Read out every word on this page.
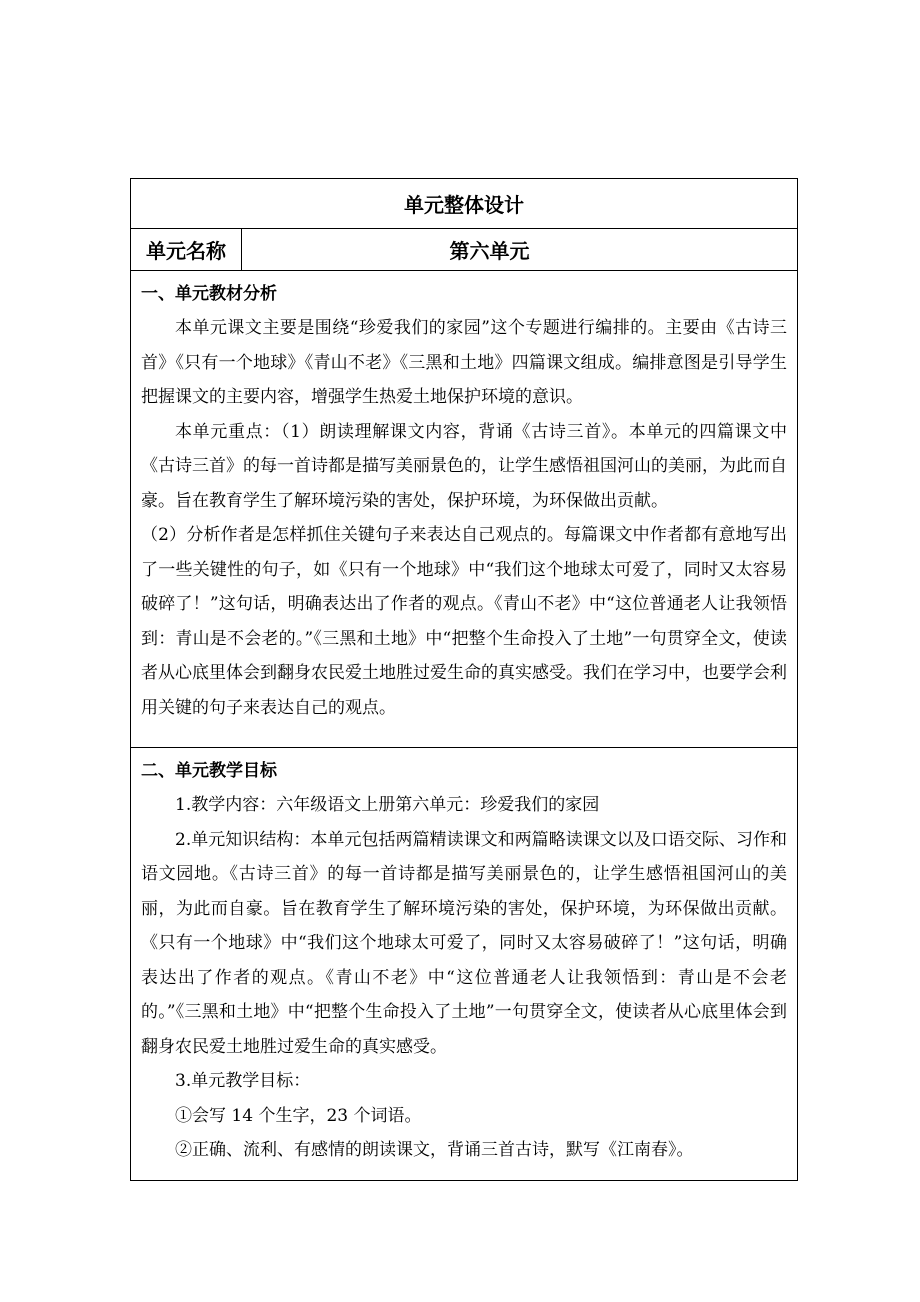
单元整体设计
单元名称	第六单元

一、单元教材分析

本单元课文主要是围绕“珍爱我们的家园”这个专题进行编排的。主要由《古诗三首》《只有一个地球》《青山不老》《三黑和土地》四篇课文组成。编排意图是引导学生把握课文的主要内容，增强学生热爱土地保护环境的意识。

本单元重点：（1）朗读理解课文内容，背诵《古诗三首》。本单元的四篇课文中《古诗三首》的每一首诗都是描写美丽景色的，让学生感悟祖国河山的美丽，为此而自豪。旨在教育学生了解环境污染的害处，保护环境，为环保做出贡献。

（2）分析作者是怎样抓住关键句子来表达自己观点的。每篇课文中作者都有意地写出了一些关键性的句子，如《只有一个地球》中“我们这个地球太可爱了，同时又太容易破碎了！”这句话，明确表达出了作者的观点。《青山不老》中“这位普通老人让我领悟到：青山是不会老的。”《三黑和土地》中“把整个生命投入了土地”一句贯穿全文，使读者从心底里体会到翻身农民爱土地胜过爱生命的真实感受。我们在学习中，也要学会利用关键的句子来表达自己的观点。

二、单元教学目标

1.教学内容：六年级语文上册第六单元：珍爱我们的家园

2.单元知识结构：本单元包括两篇精读课文和两篇略读课文以及口语交际、习作和语文园地。《古诗三首》的每一首诗都是描写美丽景色的，让学生感悟祖国河山的美丽，为此而自豪。旨在教育学生了解环境污染的害处，保护环境，为环保做出贡献。《只有一个地球》中“我们这个地球太可爱了，同时又太容易破碎了！”这句话，明确表达出了作者的观点。《青山不老》中“这位普通老人让我领悟到：青山是不会老的。”《三黑和土地》中“把整个生命投入了土地”一句贯穿全文，使读者从心底里体会到翻身农民爱土地胜过爱生命的真实感受。

3.单元教学目标：

①会写 14 个生字，23 个词语。

②正确、流利、有感情的朗读课文，背诵三首古诗，默写《江南春》。
